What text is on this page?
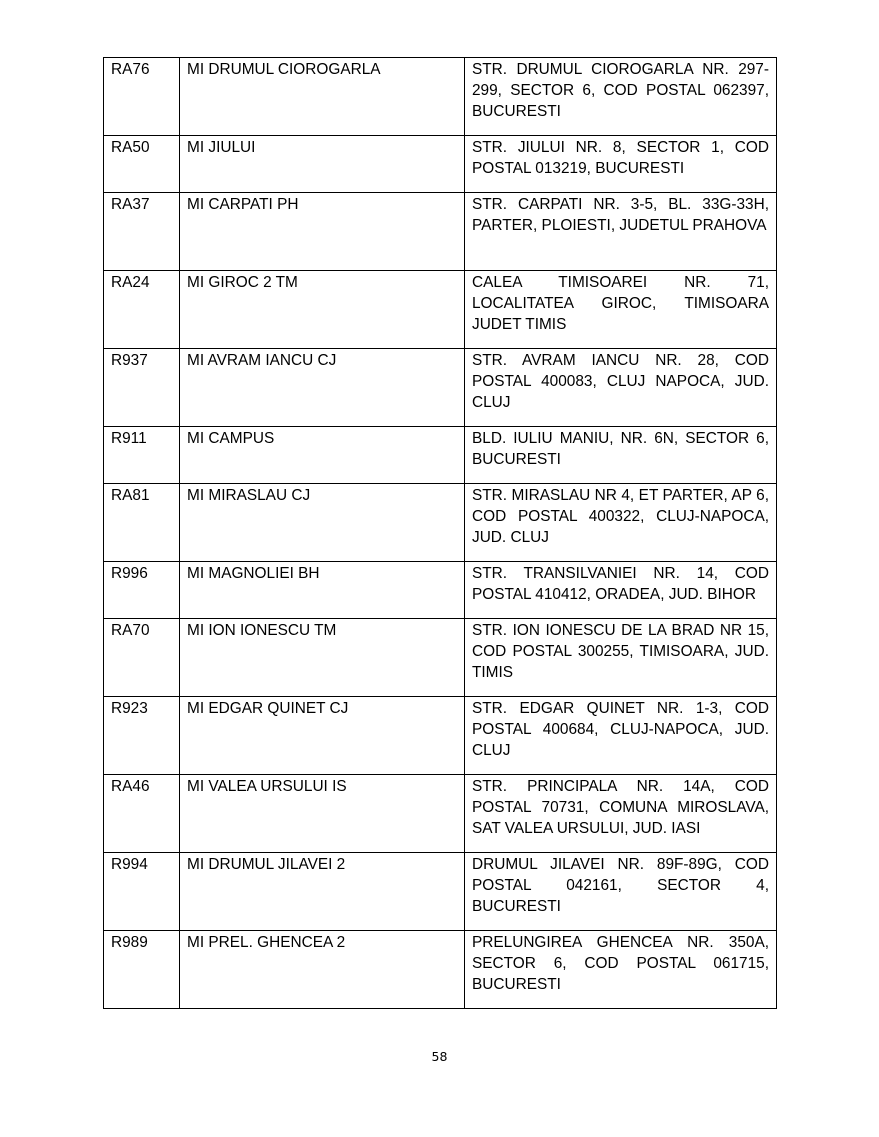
RA76	MI DRUMUL CIOROGARLA	STR. DRUMUL CIOROGARLA NR. 297-299, SECTOR 6, COD POSTAL 062397, BUCURESTI
RA50	MI JIULUI	STR. JIULUI NR. 8, SECTOR 1, COD POSTAL 013219, BUCURESTI
RA37	MI CARPATI PH	STR. CARPATI NR. 3-5, BL. 33G-33H, PARTER, PLOIESTI, JUDETUL PRAHOVA
RA24	MI GIROC 2 TM	CALEA TIMISOAREI NR. 71, LOCALITATEA GIROC, TIMISOARA JUDET TIMIS
R937	MI AVRAM IANCU CJ	STR. AVRAM IANCU NR. 28, COD POSTAL 400083, CLUJ NAPOCA, JUD. CLUJ
R911	MI CAMPUS	BLD. IULIU MANIU, NR. 6N, SECTOR 6, BUCURESTI
RA81	MI MIRASLAU CJ	STR. MIRASLAU NR 4, ET PARTER, AP 6, COD POSTAL 400322, CLUJ-NAPOCA, JUD. CLUJ
R996	MI MAGNOLIEI BH	STR. TRANSILVANIEI NR. 14, COD POSTAL 410412, ORADEA, JUD. BIHOR
RA70	MI ION IONESCU TM	STR. ION IONESCU DE LA BRAD NR 15, COD POSTAL 300255, TIMISOARA, JUD. TIMIS
R923	MI EDGAR QUINET CJ	STR. EDGAR QUINET NR. 1-3, COD POSTAL 400684, CLUJ-NAPOCA, JUD. CLUJ
RA46	MI VALEA URSULUI IS	STR. PRINCIPALA NR. 14A, COD POSTAL 70731, COMUNA MIROSLAVA, SAT VALEA URSULUI, JUD. IASI
R994	MI DRUMUL JILAVEI 2	DRUMUL JILAVEI NR. 89F-89G, COD POSTAL 042161, SECTOR 4, BUCURESTI
R989	MI PREL. GHENCEA 2	PRELUNGIREA GHENCEA NR. 350A, SECTOR 6, COD POSTAL 061715, BUCURESTI
58
